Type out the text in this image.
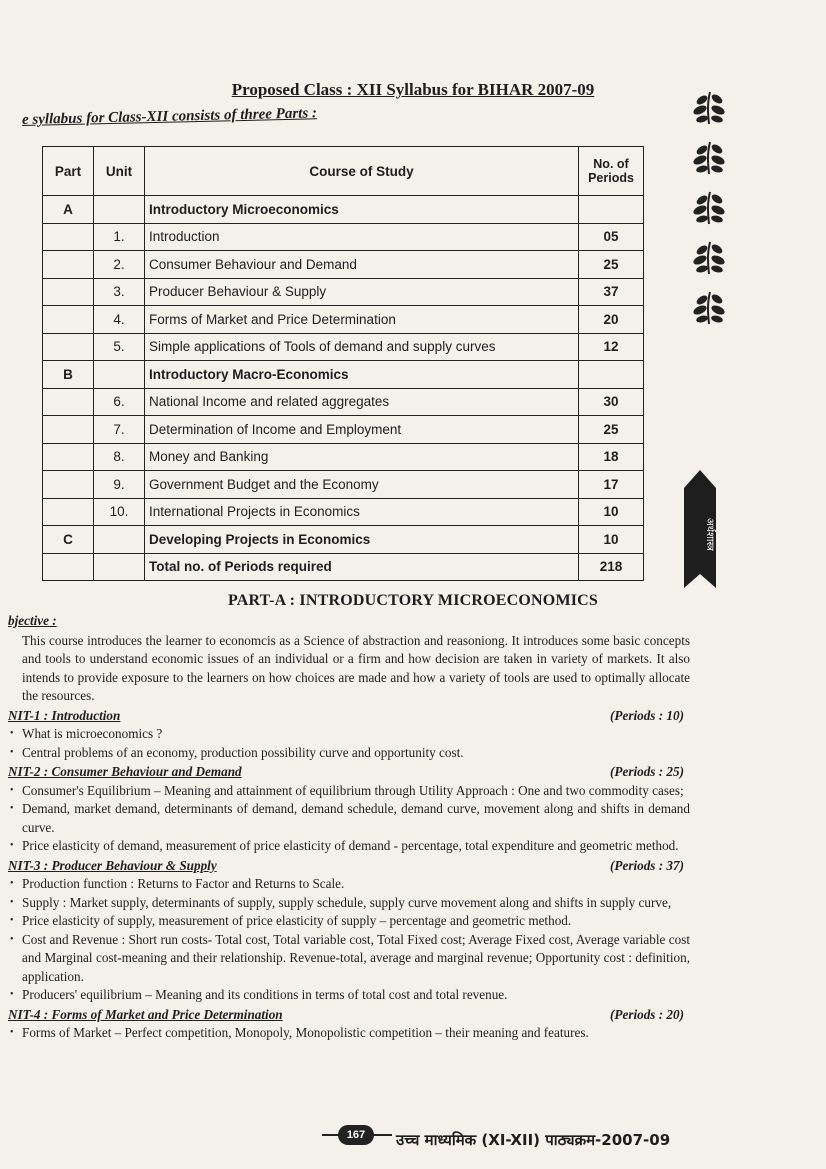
Proposed Class : XII Syllabus for BIHAR 2007-09
e syllabus for Class-XII consists of three Parts :
Part	Unit	Course of Study	No. of Periods
A		Introductory Microeconomics	
	1.	Introduction	05
	2.	Consumer Behaviour and Demand	25
	3.	Producer Behaviour & Supply	37
	4.	Forms of Market and Price Determination	20
	5.	Simple applications of Tools of demand and supply curves	12
B		Introductory Macro-Economics	
	6.	National Income and related aggregates	30
	7.	Determination of Income and Employment	25
	8.	Money and Banking	18
	9.	Government Budget and the Economy	17
	10.	International Projects in Economics	10
C		Developing Projects in Economics	10
		Total no. of Periods required	218
अर्थशास्त्र
PART-A : INTRODUCTORY MICROECONOMICS
bjective :
This course introduces the learner to economcis as a Science of abstraction and reasoniong. It introduces some basic concepts and tools to understand economic issues of an individual or a firm and how decision are taken in variety of markets. It also intends to provide exposure to the learners on how choices are made and how a variety of tools are used to optimally allocate the resources.
NIT-1 : Introduction	(Periods : 10)
• What is microeconomics ?
• Central problems of an economy, production possibility curve and opportunity cost.
NIT-2 : Consumer Behaviour and Demand	(Periods : 25)
• Consumer's Equilibrium – Meaning and attainment of equilibrium through Utility Approach : One and two commodity cases;
• Demand, market demand, determinants of demand, demand schedule, demand curve, movement along and shifts in demand curve.
• Price elasticity of demand, measurement of price elasticity of demand - percentage, total expenditure and geometric method.
NIT-3 : Producer Behaviour & Supply	(Periods : 37)
• Production function : Returns to Factor and Returns to Scale.
• Supply : Market supply, determinants of supply, supply schedule, supply curve movement along and shifts in supply curve,
• Price elasticity of supply, measurement of price elasticity of supply – percentage and geometric method.
• Cost and Revenue : Short run costs- Total cost, Total variable cost, Total Fixed cost; Average Fixed cost, Average variable cost and Marginal cost-meaning and their relationship. Revenue-total, average and marginal revenue; Opportunity cost : definition, application.
• Producers' equilibrium – Meaning and its conditions in terms of total cost and total revenue.
NIT-4 : Forms of Market and Price Determination	(Periods : 20)
• Forms of Market – Perfect competition, Monopoly, Monopolistic competition – their meaning and features.
167	उच्च माध्यमिक (XI-XII) पाठ्यक्रम-2007-09
